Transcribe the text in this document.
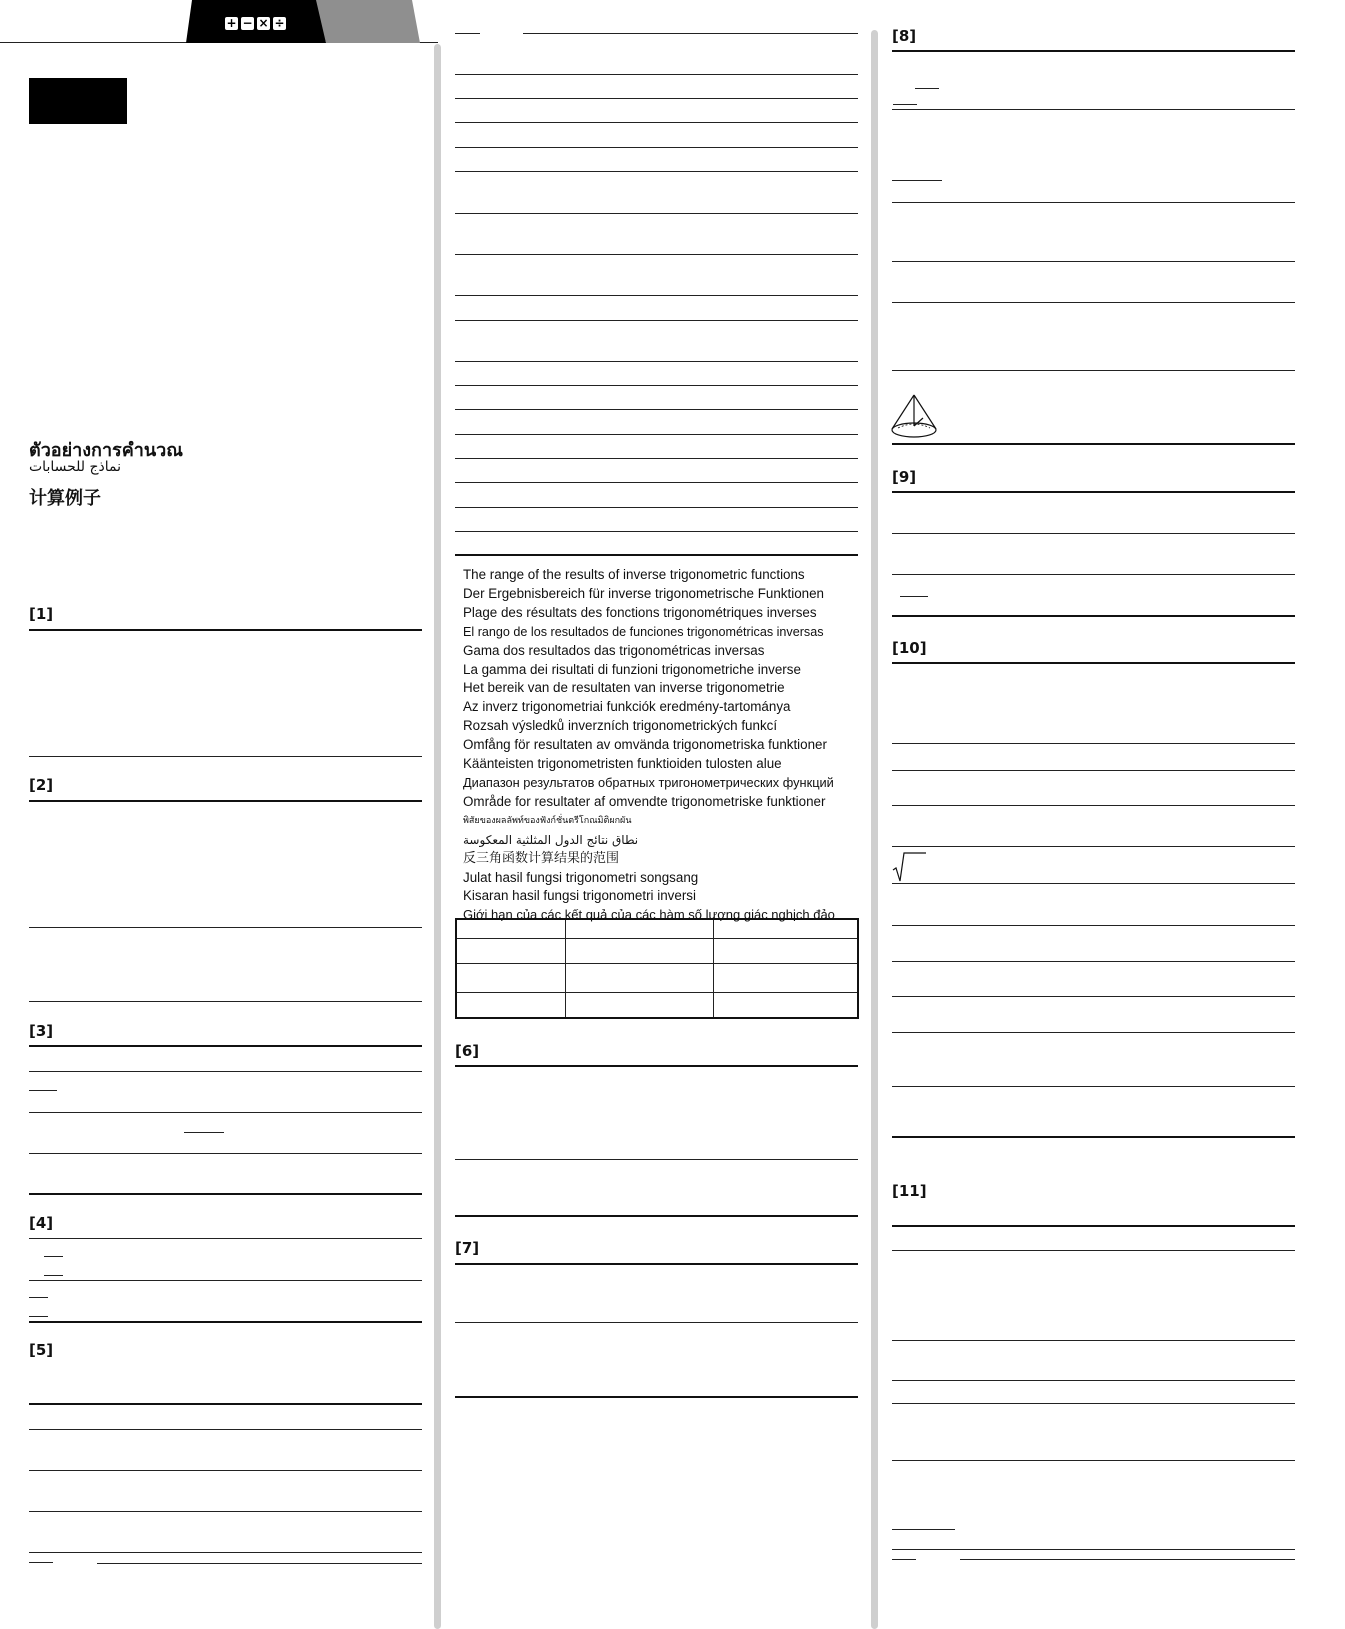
+ − × ÷
ตัวอย่างการคำนวณ
نماذج للحسابات
计算例子
[1]
[2]
[3]
[4]
[5]
The range of the results of inverse trigonometric functions
Der Ergebnisbereich für inverse trigonometrische Funktionen
Plage des résultats des fonctions trigonométriques inverses
El rango de los resultados de funciones trigonométricas inversas
Gama dos resultados das trigonométricas inversas
La gamma dei risultati di funzioni trigonometriche inverse
Het bereik van de resultaten van inverse trigonometrie
Az inverz trigonometriai funkciók eredmény-tartománya
Rozsah výsledků inverzních trigonometrických funkcí
Omfång för resultaten av omvända trigonometriska funktioner
Käänteisten trigonometristen funktioiden tulosten alue
Диапазон результатов обратных тригонометрических функций
Område for resultater af omvendte trigonometriske funktioner
พิสัยของผลลัพท์ของฟังก์ชั่นตรีโกณมิติผกผัน
نطاق نتائج الدول المثلثية المعكوسة
反三角函数计算结果的范围
Julat hasil fungsi trigonometri songsang
Kisaran hasil fungsi trigonometri inversi
Giới hạn của các kết quả của các hàm số lượng giác nghịch đảo

[6]
[7]
[8]
[9]
[10]
[11]
